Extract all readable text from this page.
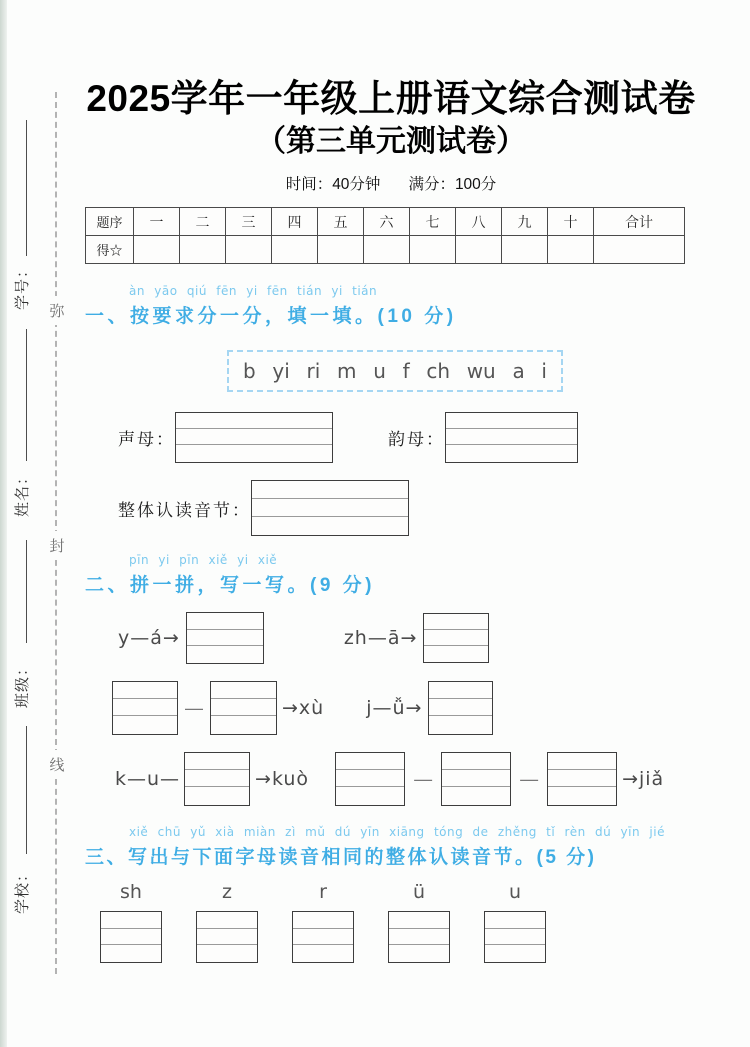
弥
封
线
学号：
姓名：
班级：
学校：
2025学年一年级上册语文综合测试卷
（第三单元测试卷）
时间：40分钟 满分：100分
题序	一	二	三	四	五	六	七	八	九	十	合计
得☆											
àn yāo qiú fēn yi fēn tián yi tián
一、按要求分一分，填一填。(10 分)
b yi ri m u f ch wu a i
声母：	韵母：
整体认读音节：
pīn yi pīn xiě yi xiě
二、拼一拼，写一写。(9 分)
y—á→	zh—ā→
—	→xù j—ǚ→
k—u—	→kuò	—	—	→jiǎ
xiě chū yǔ xià miàn zì mǔ dú yīn xiāng tóng de zhěng tǐ rèn dú yīn jié
三、写出与下面字母读音相同的整体认读音节。(5 分)
sh	z	r	ü	u
